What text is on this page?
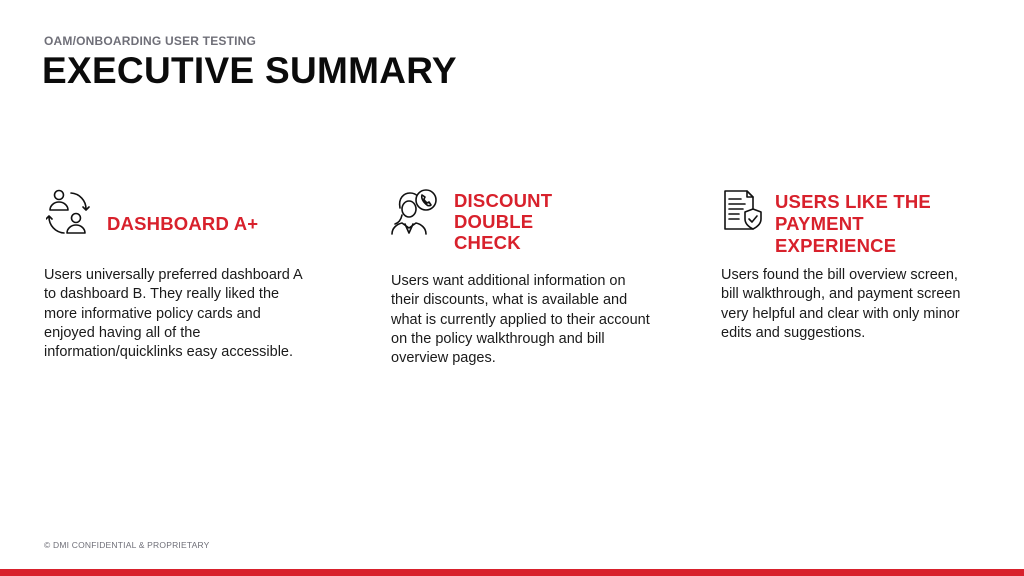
OAM/ONBOARDING USER TESTING
EXECUTIVE SUMMARY
DASHBOARD A+

Users universally preferred dashboard A to dashboard B. They really liked the more informative policy cards and enjoyed having all of the information/quicklinks easy accessible.

DISCOUNT DOUBLE CHECK

Users want additional information on their discounts, what is available and what is currently applied to their account on the policy walkthrough and bill overview pages.

USERS LIKE THE PAYMENT EXPERIENCE

Users found the bill overview screen, bill walkthrough, and payment screen very helpful and clear with only minor edits and suggestions.

© DMI CONFIDENTIAL & PROPRIETARY
